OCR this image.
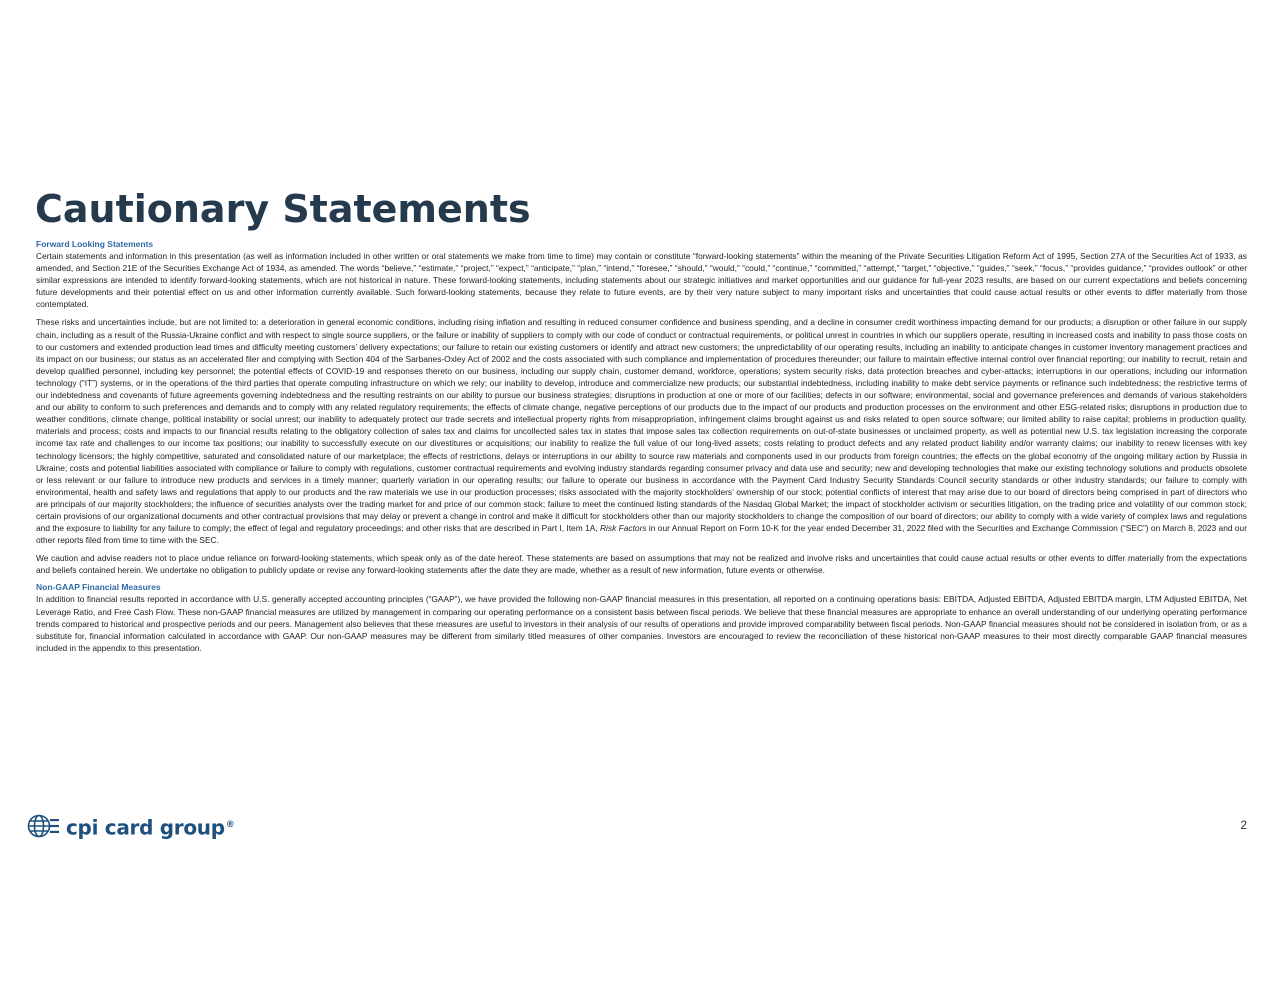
Cautionary Statements

Forward Looking Statements

Certain statements and information in this presentation (as well as information included in other written or oral statements we make from time to time) may contain or constitute “forward-looking statements” within the meaning of the Private Securities Litigation Reform Act of 1995, Section 27A of the Securities Act of 1933, as amended, and Section 21E of the Securities Exchange Act of 1934, as amended. The words “believe,” “estimate,” “project,” “expect,” “anticipate,” “plan,” “intend,” “foresee,” “should,” “would,” “could,” “continue,” “committed,” “attempt,” “target,” “objective,” “guides,” “seek,” “focus,” “provides guidance,” “provides outlook” or other similar expressions are intended to identify forward-looking statements, which are not historical in nature. These forward-looking statements, including statements about our strategic initiatives and market opportunities and our guidance for full-year 2023 results, are based on our current expectations and beliefs concerning future developments and their potential effect on us and other information currently available. Such forward-looking statements, because they relate to future events, are by their very nature subject to many important risks and uncertainties that could cause actual results or other events to differ materially from those contemplated.

These risks and uncertainties include, but are not limited to: a deterioration in general economic conditions, including rising inflation and resulting in reduced consumer confidence and business spending, and a decline in consumer credit worthiness impacting demand for our products; a disruption or other failure in our supply chain, including as a result of the Russia-Ukraine conflict and with respect to single source suppliers, or the failure or inability of suppliers to comply with our code of conduct or contractual requirements, or political unrest in countries in which our suppliers operate, resulting in increased costs and inability to pass those costs on to our customers and extended production lead times and difficulty meeting customers’ delivery expectations; our failure to retain our existing customers or identify and attract new customers; the unpredictability of our operating results, including an inability to anticipate changes in customer inventory management practices and its impact on our business; our status as an accelerated filer and complying with Section 404 of the Sarbanes-Oxley Act of 2002 and the costs associated with such compliance and implementation of procedures thereunder; our failure to maintain effective internal control over financial reporting; our inability to recruit, retain and develop qualified personnel, including key personnel; the potential effects of COVID-19 and responses thereto on our business, including our supply chain, customer demand, workforce, operations; system security risks, data protection breaches and cyber-attacks; interruptions in our operations, including our information technology (“IT”) systems, or in the operations of the third parties that operate computing infrastructure on which we rely; our inability to develop, introduce and commercialize new products; our substantial indebtedness, including inability to make debt service payments or refinance such indebtedness; the restrictive terms of our indebtedness and covenants of future agreements governing indebtedness and the resulting restraints on our ability to pursue our business strategies; disruptions in production at one or more of our facilities; defects in our software; environmental, social and governance preferences and demands of various stakeholders and our ability to conform to such preferences and demands and to comply with any related regulatory requirements; the effects of climate change, negative perceptions of our products due to the impact of our products and production processes on the environment and other ESG-related risks; disruptions in production due to weather conditions, climate change, political instability or social unrest; our inability to adequately protect our trade secrets and intellectual property rights from misappropriation, infringement claims brought against us and risks related to open source software; our limited ability to raise capital; problems in production quality, materials and process; costs and impacts to our financial results relating to the obligatory collection of sales tax and claims for uncollected sales tax in states that impose sales tax collection requirements on out-of-state businesses or unclaimed property, as well as potential new U.S. tax legislation increasing the corporate income tax rate and challenges to our income tax positions; our inability to successfully execute on our divestitures or acquisitions; our inability to realize the full value of our long-lived assets; costs relating to product defects and any related product liability and/or warranty claims; our inability to renew licenses with key technology licensors; the highly competitive, saturated and consolidated nature of our marketplace; the effects of restrictions, delays or interruptions in our ability to source raw materials and components used in our products from foreign countries; the effects on the global economy of the ongoing military action by Russia in Ukraine; costs and potential liabilities associated with compliance or failure to comply with regulations, customer contractual requirements and evolving industry standards regarding consumer privacy and data use and security; new and developing technologies that make our existing technology solutions and products obsolete or less relevant or our failure to introduce new products and services in a timely manner; quarterly variation in our operating results; our failure to operate our business in accordance with the Payment Card Industry Security Standards Council security standards or other industry standards; our failure to comply with environmental, health and safety laws and regulations that apply to our products and the raw materials we use in our production processes; risks associated with the majority stockholders’ ownership of our stock; potential conflicts of interest that may arise due to our board of directors being comprised in part of directors who are principals of our majority stockholders; the influence of securities analysts over the trading market for and price of our common stock; failure to meet the continued listing standards of the Nasdaq Global Market; the impact of stockholder activism or securities litigation, on the trading price and volatility of our common stock; certain provisions of our organizational documents and other contractual provisions that may delay or prevent a change in control and make it difficult for stockholders other than our majority stockholders to change the composition of our board of directors; our ability to comply with a wide variety of complex laws and regulations and the exposure to liability for any failure to comply; the effect of legal and regulatory proceedings; and other risks that are described in Part I, Item 1A, Risk Factors in our Annual Report on Form 10-K for the year ended December 31, 2022 filed with the Securities and Exchange Commission (“SEC”) on March 8, 2023 and our other reports filed from time to time with the SEC.

We caution and advise readers not to place undue reliance on forward-looking statements, which speak only as of the date hereof. These statements are based on assumptions that may not be realized and involve risks and uncertainties that could cause actual results or other events to differ materially from the expectations and beliefs contained herein. We undertake no obligation to publicly update or revise any forward-looking statements after the date they are made, whether as a result of new information, future events or otherwise.

Non-GAAP Financial Measures

In addition to financial results reported in accordance with U.S. generally accepted accounting principles (“GAAP”), we have provided the following non-GAAP financial measures in this presentation, all reported on a continuing operations basis: EBITDA, Adjusted EBITDA, Adjusted EBITDA margin, LTM Adjusted EBITDA, Net Leverage Ratio, and Free Cash Flow. These non-GAAP financial measures are utilized by management in comparing our operating performance on a consistent basis between fiscal periods. We believe that these financial measures are appropriate to enhance an overall understanding of our underlying operating performance trends compared to historical and prospective periods and our peers. Management also believes that these measures are useful to investors in their analysis of our results of operations and provide improved comparability between fiscal periods. Non-GAAP financial measures should not be considered in isolation from, or as a substitute for, financial information calculated in accordance with GAAP. Our non-GAAP measures may be different from similarly titled measures of other companies. Investors are encouraged to review the reconciliation of these historical non-GAAP measures to their most directly comparable GAAP financial measures included in the appendix to this presentation.

cpi card group®	2
